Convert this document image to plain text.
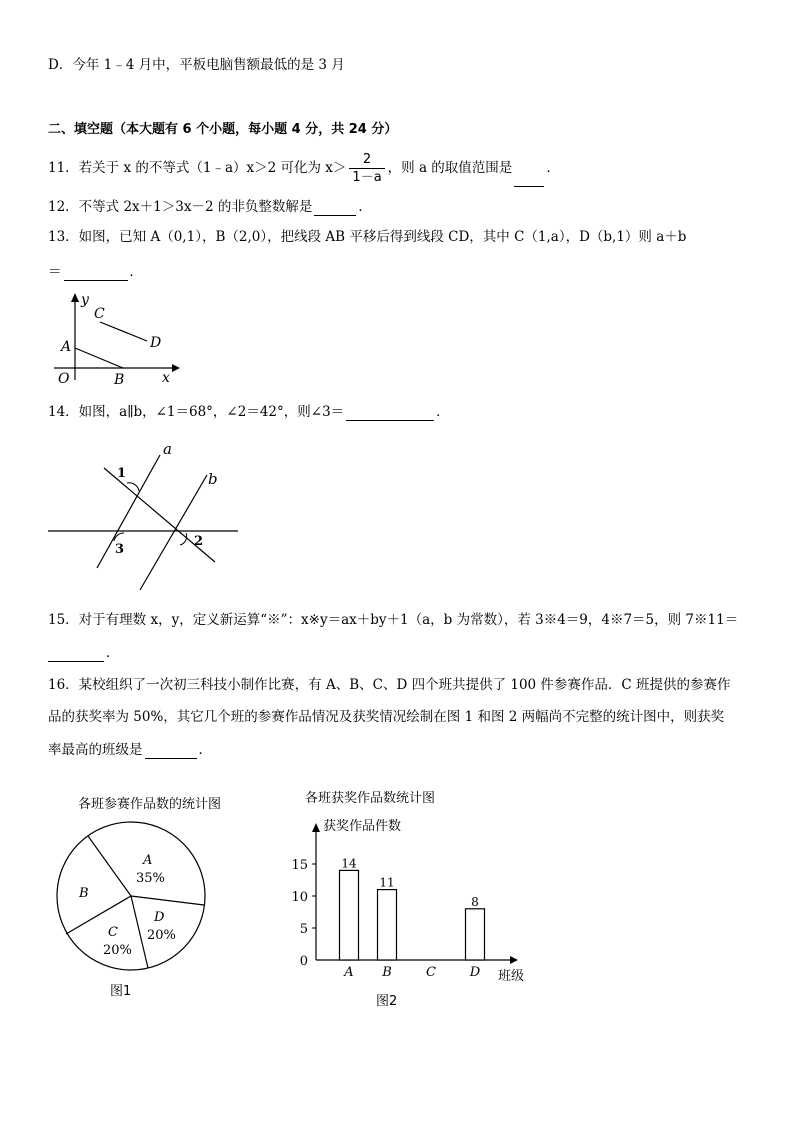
D．今年 1﹣4 月中，平板电脑售额最低的是 3 月
二、填空题（本大题有 6 个小题，每小题 4 分，共 24 分）
11．若关于 x 的不等式（1﹣a）x＞2 可化为 $x> \frac{2}{1-a}$ ，则 a 的取值范围是	．
12．不等式 2x＋1＞3x－2 的非负整数解是	．
13．如图，已知 A（0,1），B（2,0），把线段 AB 平移后得到线段 CD，其中 C（1,a），D（b,1）则 a＋b
＝	．
y
x
O
A
B
C
D
14．如图，a∥b，∠1＝68°，∠2＝42°，则∠3＝	．
a
b
1
2
3
15．对于有理数 x，y，定义新运算“※”：x※y＝ax＋by＋1（a，b 为常数），若 3※4＝9，4※7＝5，则 7※11＝
．
16．某校组织了一次初三科技小制作比赛，有 A、B、C、D 四个班共提供了 100 件参赛作品．C 班提供的参赛作
品的获奖率为 50%，其它几个班的参赛作品情况及获奖情况绘制在图 1 和图 2 两幅尚不完整的统计图中，则获奖
率最高的班级是	．
各班参赛作品数的统计图
A
35%
B
C
20%
D
20%
图1
各班获奖作品数统计图
获奖作品件数
班级
图2
0
5
10
15	14
A
11
B	C
8
D
